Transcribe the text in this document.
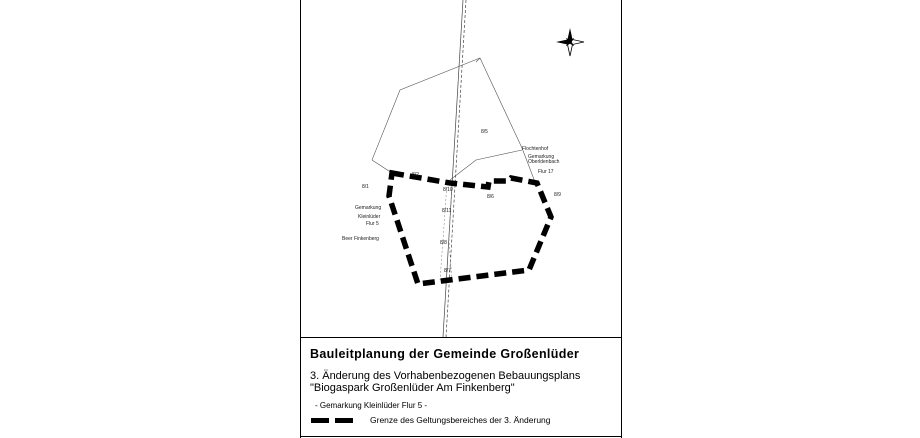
8/5
8/1
8/9
8/6
8/10
8/11
8/8
8/7
8/2
Flochtenhof
Gemarkung
Oberldenbach
Flur 17
Gemarkung
Kleinlüder
Flur 5
Beer Finkenberg
Bauleitplanung der Gemeinde Großenlüder
3. Änderung des Vorhabenbezogenen Bebauungsplans
"Biogaspark Großenlüder Am Finkenberg"
- Gemarkung Kleinlüder Flur 5 -
Grenze des Geltungsbereiches der 3. Änderung
